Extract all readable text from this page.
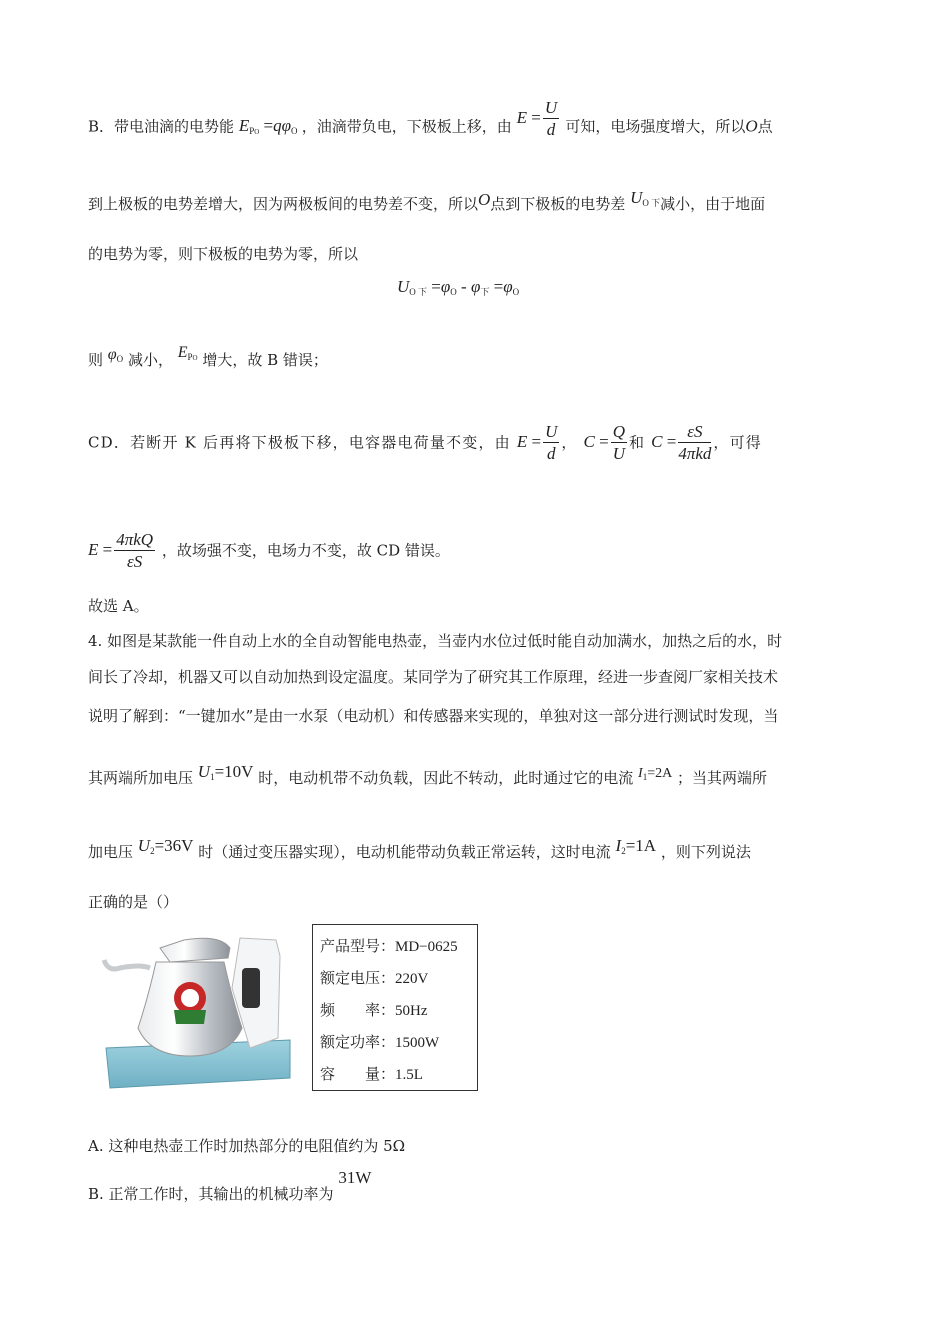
B．带电油滴的电势能 $E_{PO} =q\varphi_O$ ，油滴带负电，下极板上移，由 $E = \frac{U}{d}$ 可知，电场强度增大，所以O点
到上极板的电势差增大，因为两极板间的电势差不变，所以O点到下极板的电势差 $U_{O 下}$减小，由于地面
的电势为零，则下极板的电势为零，所以
$U_{O 下} =\varphi_O - \varphi_下 =\varphi_O$
则 $\varphi_O$ 减小， $E_{PO}$ 增大，故 B 错误；
CD．若断开 K 后再将下极板下移，电容器电荷量不变，由 $E = \frac{U}{d}$ ， $C = \frac{Q}{U}$ 和 $C = \frac{\varepsilon S}{\text{4πkd}}$ ，可得
$E = \frac{\text{4πkQ}}{\varepsilon S}$ ，故场强不变，电场力不变，故 CD 错误。
故选 A。
4. 如图是某款能一件自动上水的全自动智能电热壶，当壶内水位过低时能自动加满水，加热之后的水，时
间长了冷却，机器又可以自动加热到设定温度。某同学为了研究其工作原理，经进一步查阅厂家相关技术
说明了解到：“一键加水”是由一水泵（电动机）和传感器来实现的，单独对这一部分进行测试时发现，当
其两端所加电压 $U_1=10V$ 时，电动机带不动负载，因此不转动，此时通过它的电流 $I_1=2A$ ；当其两端所
加电压 $U_2=36V$ 时（通过变压器实现），电动机能带动负载正常运转，这时电流 $I_2=1A$ ，则下列说法
正确的是（）
产品型号：MD−0625
额定电压：220V
频　　率：50Hz
额定功率：1500W
容　　量：1.5L
A. 这种电热壶工作时加热部分的电阻值约为 5Ω
B. 正常工作时，其输出的机械功率为 31W
